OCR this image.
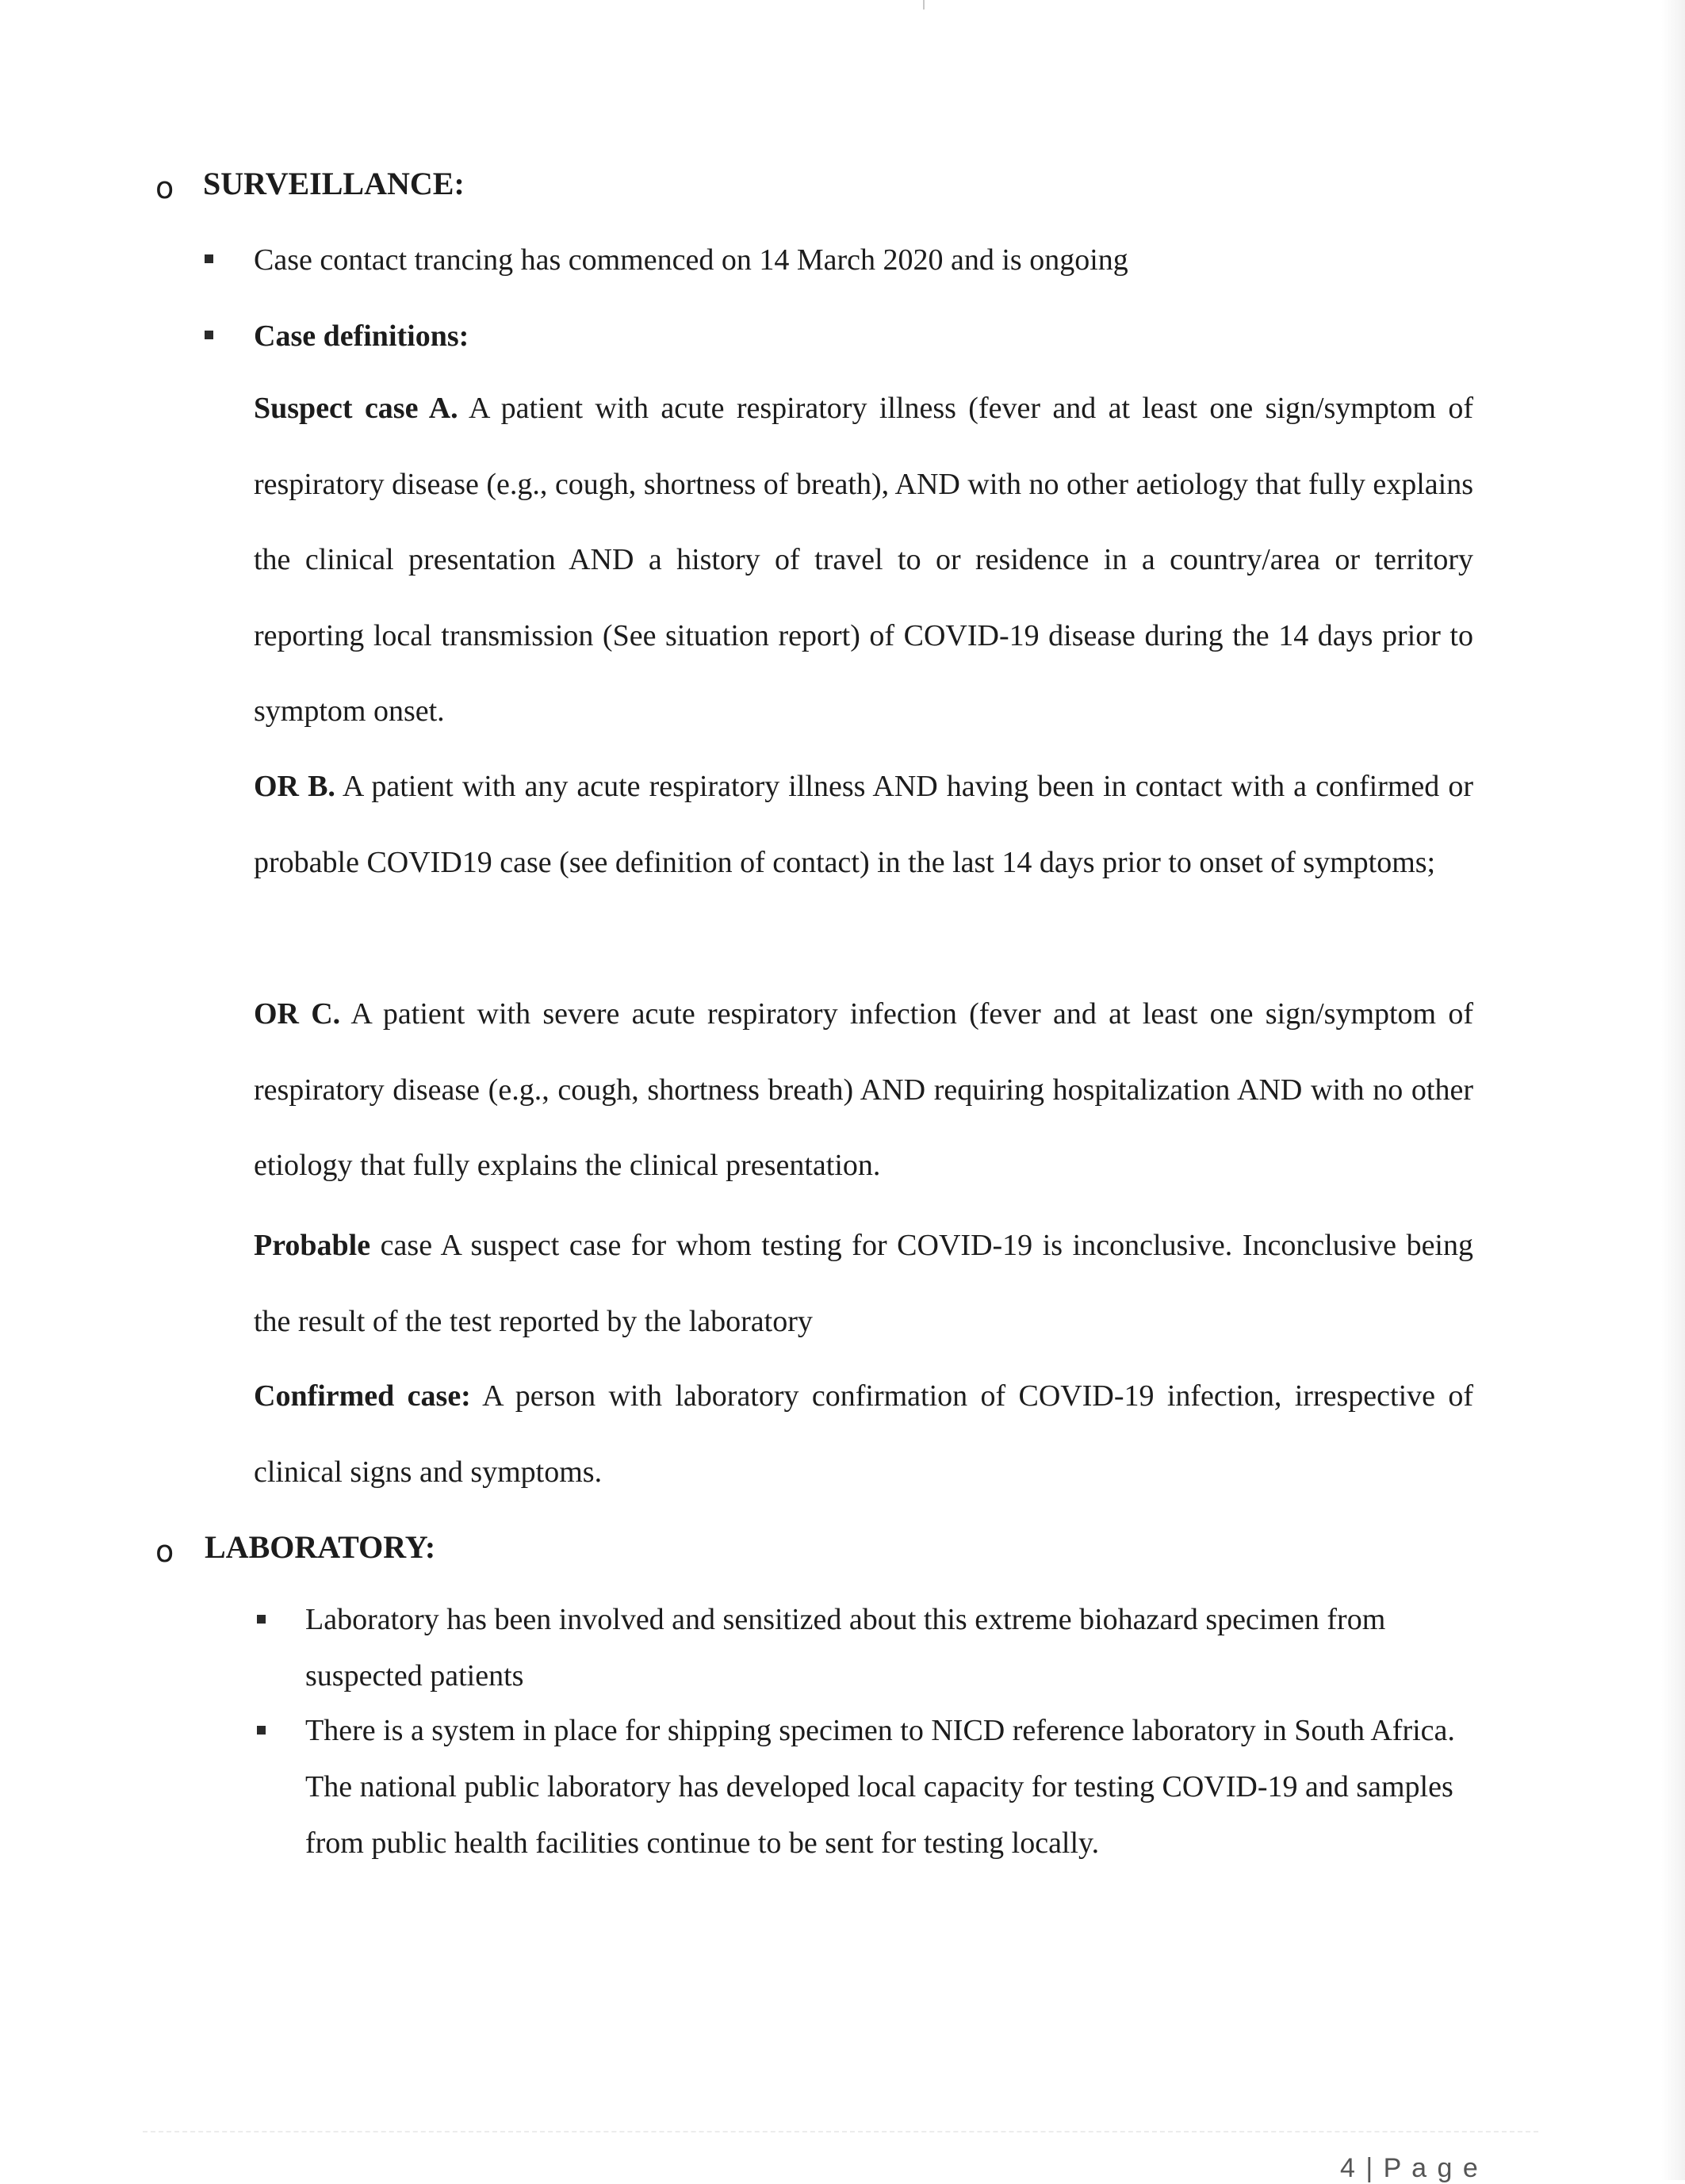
o SURVEILLANCE:
Case contact trancing has commenced on 14 March 2020 and is ongoing
Case definitions:
Suspect case A. A patient with acute respiratory illness (fever and at least one sign/symptom of respiratory disease (e.g., cough, shortness of breath), AND with no other aetiology that fully explains the clinical presentation AND a history of travel to or residence in a country/area or territory reporting local transmission (See situation report) of COVID-19 disease during the 14 days prior to symptom onset.
OR B. A patient with any acute respiratory illness AND having been in contact with a confirmed or probable COVID19 case (see definition of contact) in the last 14 days prior to onset of symptoms;
OR C. A patient with severe acute respiratory infection (fever and at least one sign/symptom of respiratory disease (e.g., cough, shortness breath) AND requiring hospitalization AND with no other etiology that fully explains the clinical presentation.
Probable case A suspect case for whom testing for COVID-19 is inconclusive. Inconclusive being the result of the test reported by the laboratory
Confirmed case: A person with laboratory confirmation of COVID-19 infection, irrespective of clinical signs and symptoms.
o LABORATORY:
Laboratory has been involved and sensitized about this extreme biohazard specimen from suspected patients
There is a system in place for shipping specimen to NICD reference laboratory in South Africa. The national public laboratory has developed local capacity for testing COVID-19 and samples from public health facilities continue to be sent for testing locally.
4 | P a g e
